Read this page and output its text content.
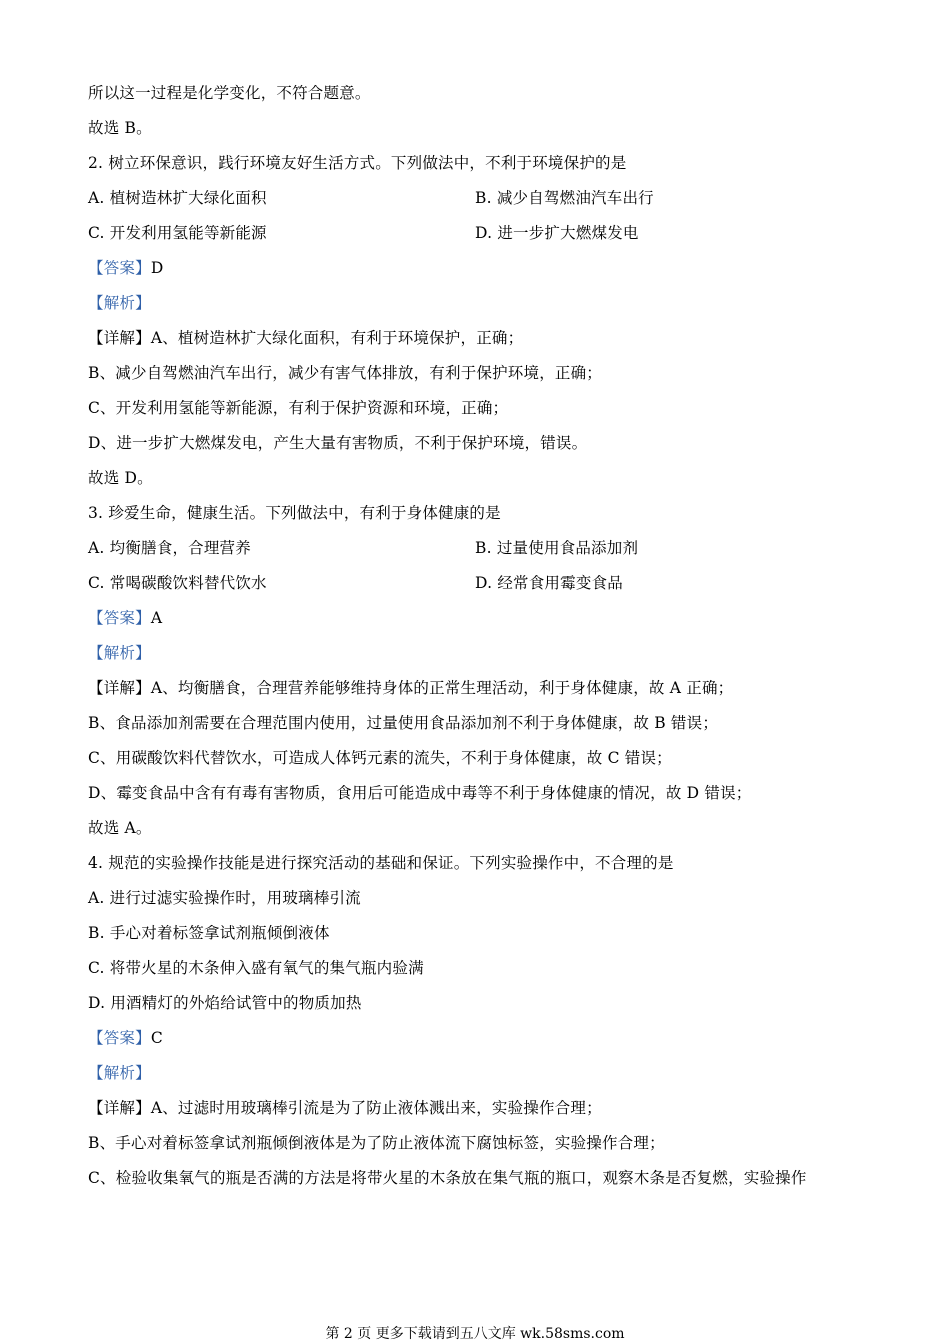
所以这一过程是化学变化，不符合题意。
故选 B。
2. 树立环保意识，践行环境友好生活方式。下列做法中，不利于环境保护的是
A. 植树造林扩大绿化面积	B. 减少自驾燃油汽车出行
C. 开发利用氢能等新能源	D. 进一步扩大燃煤发电
【答案】D
【解析】
【详解】A、植树造林扩大绿化面积，有利于环境保护，正确；
B、减少自驾燃油汽车出行，减少有害气体排放，有利于保护环境，正确；
C、开发利用氢能等新能源，有利于保护资源和环境，正确；
D、进一步扩大燃煤发电，产生大量有害物质，不利于保护环境，错误。
故选 D。
3. 珍爱生命，健康生活。下列做法中，有利于身体健康的是
A. 均衡膳食，合理营养	B. 过量使用食品添加剂
C. 常喝碳酸饮料替代饮水	D. 经常食用霉变食品
【答案】A
【解析】
【详解】A、均衡膳食，合理营养能够维持身体的正常生理活动，利于身体健康，故 A 正确；
B、食品添加剂需要在合理范围内使用，过量使用食品添加剂不利于身体健康，故 B 错误；
C、用碳酸饮料代替饮水，可造成人体钙元素的流失，不利于身体健康，故 C 错误；
D、霉变食品中含有有毒有害物质，食用后可能造成中毒等不利于身体健康的情况，故 D 错误；
故选 A。
4. 规范的实验操作技能是进行探究活动的基础和保证。下列实验操作中，不合理的是
A. 进行过滤实验操作时，用玻璃棒引流
B. 手心对着标签拿试剂瓶倾倒液体
C. 将带火星的木条伸入盛有氧气的集气瓶内验满
D. 用酒精灯的外焰给试管中的物质加热
【答案】C
【解析】
【详解】A、过滤时用玻璃棒引流是为了防止液体溅出来，实验操作合理；
B、手心对着标签拿试剂瓶倾倒液体是为了防止液体流下腐蚀标签，实验操作合理；
C、检验收集氧气的瓶是否满的方法是将带火星的木条放在集气瓶的瓶口，观察木条是否复燃，实验操作
第 2 页 更多下载请到五八文库 wk.58sms.com
